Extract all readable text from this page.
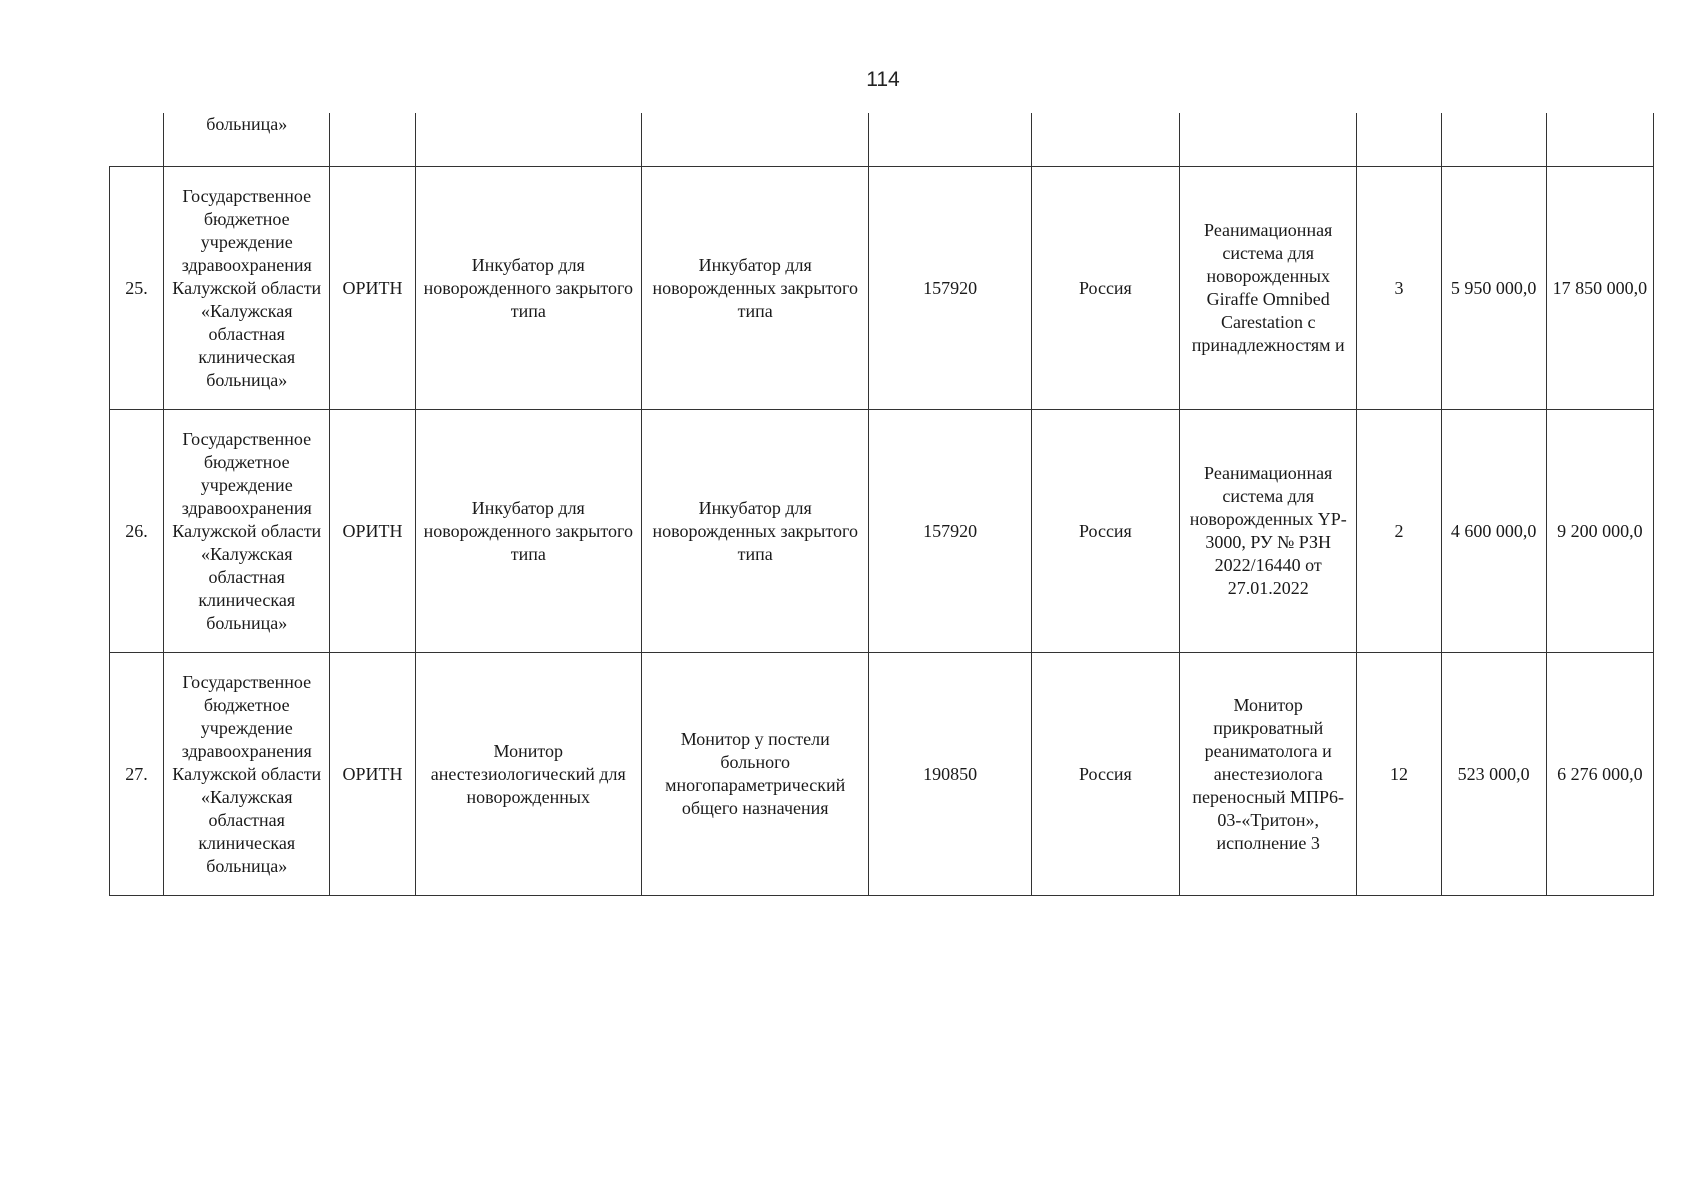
114

	больница»									

25.	Государственное бюджетное учреждение здравоохранения Калужской области «Калужская областная клиническая больница»	ОРИТН	Инкубатор для новорожденного закрытого типа	Инкубатор для новорожденных закрытого типа	157920	Россия	Реанимационная система для новорожденных Giraffe Omnibed Carestation с принадлежностям и	3	5 950 000,0	17 850 000,0
26.	Государственное бюджетное учреждение здравоохранения Калужской области «Калужская областная клиническая больница»	ОРИТН	Инкубатор для новорожденного закрытого типа	Инкубатор для новорожденных закрытого типа	157920	Россия	Реанимационная система для новорожденных YP-3000, РУ № РЗН 2022/16440 от 27.01.2022	2	4 600 000,0	9 200 000,0
27.	Государственное бюджетное учреждение здравоохранения Калужской области «Калужская областная клиническая больница»	ОРИТН	Монитор анестезиологический для новорожденных	Монитор у постели больного многопараметрический общего назначения	190850	Россия	Монитор прикроватный реаниматолога и анестезиолога переносный МПР6-03-«Тритон», исполнение 3	12	523 000,0	6 276 000,0
